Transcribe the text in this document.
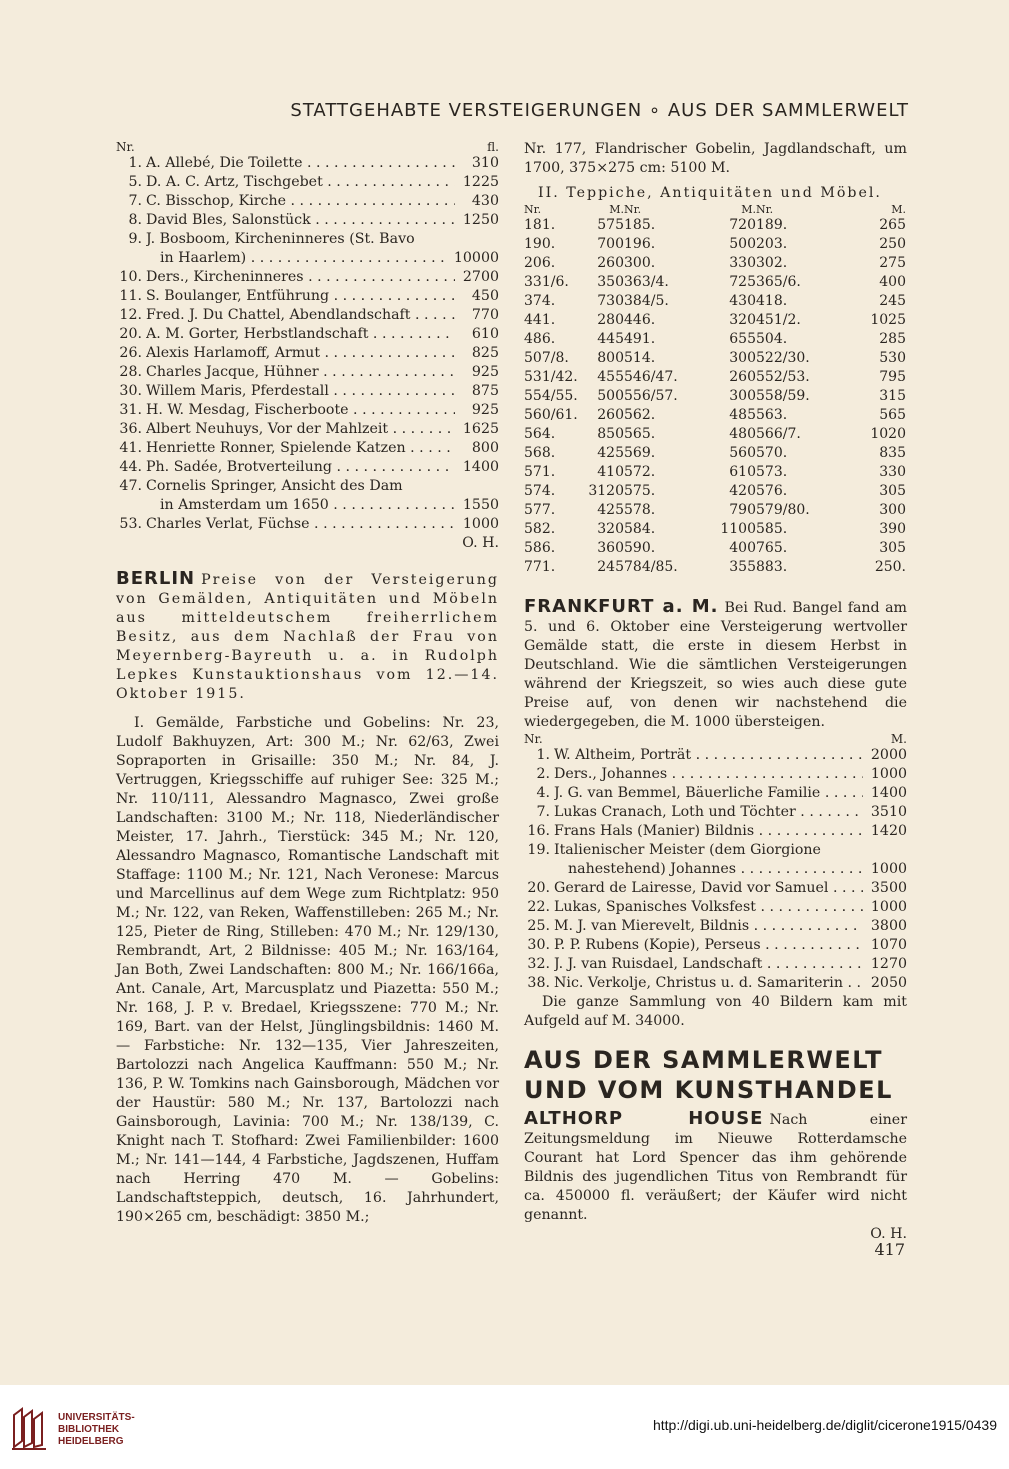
STATTGEHABTE VERSTEIGERUNGEN ∘ AUS DER SAMMLERWELT
Nr.	fl.
1. A. Allebé, Die Toilette . . .	310
5. D. A. C. Artz, Tischgebet . . .	1225
7. C. Bisschop, Kirche . . .	430
8. David Bles, Salonstück . . .	1250
9. J. Bosboom, Kircheninneres (St. Bavo
in Haarlem) . . .	10000
10. Ders., Kircheninneres . . .	2700
11. S. Boulanger, Entführung . . .	450
12. Fred. J. Du Chattel, Abendlandschaft . . .	770
20. A. M. Gorter, Herbstlandschaft . . .	610
26. Alexis Harlamoff, Armut . . .	825
28. Charles Jacque, Hühner . . .	925
30. Willem Maris, Pferdestall . . .	875
31. H. W. Mesdag, Fischerboote . . .	925
36. Albert Neuhuys, Vor der Mahlzeit . . .	1625
41. Henriette Ronner, Spielende Katzen . . .	800
44. Ph. Sadée, Brotverteilung . . .	1400
47. Cornelis Springer, Ansicht des Dam
in Amsterdam um 1650 . . .	1550
53. Charles Verlat, Füchse . . .	1000
O. H.

BERLIN Preise von der Versteigerung von Gemälden, Antiquitäten und Möbeln aus mitteldeutschem freiherrlichem Besitz, aus dem Nachlaß der Frau von Meyernberg-Bayreuth u. a. in Rudolph Lepkes Kunstauktionshaus vom 12.—14. Oktober 1915.

I. Gemälde, Farbstiche und Gobelins: Nr. 23, Ludolf Bakhuyzen, Art: 300 M.; Nr. 62/63, Zwei Sopraporten in Grisaille: 350 M.; Nr. 84, J. Vertruggen, Kriegsschiffe auf ruhiger See: 325 M.; Nr. 110/111, Alessandro Magnasco, Zwei große Landschaften: 3100 M.; Nr. 118, Niederländischer Meister, 17. Jahrh., Tierstück: 345 M.; Nr. 120, Alessandro Magnasco, Romantische Landschaft mit Staffage: 1100 M.; Nr. 121, Nach Veronese: Marcus und Marcellinus auf dem Wege zum Richtplatz: 950 M.; Nr. 122, van Reken, Waffenstilleben: 265 M.; Nr. 125, Pieter de Ring, Stilleben: 470 M.; Nr. 129/130, Rembrandt, Art, 2 Bildnisse: 405 M.; Nr. 163/164, Jan Both, Zwei Landschaften: 800 M.; Nr. 166/166a, Ant. Canale, Art, Marcusplatz und Piazetta: 550 M.; Nr. 168, J. P. v. Bredael, Kriegsszene: 770 M.; Nr. 169, Bart. van der Helst, Jünglingsbildnis: 1460 M. — Farbstiche: Nr. 132—135, Vier Jahreszeiten, Bartolozzi nach Angelica Kauffmann: 550 M.; Nr. 136, P. W. Tomkins nach Gainsborough, Mädchen vor der Haustür: 580 M.; Nr. 137, Bartolozzi nach Gainsborough, Lavinia: 700 M.; Nr. 138/139, C. Knight nach T. Stofhard: Zwei Familienbilder: 1600 M.; Nr. 141—144, 4 Farbstiche, Jagdszenen, Huffam nach Herring 470 M. — Gobelins: Landschaftsteppich, deutsch, 16. Jahrhundert, 190×265 cm, beschädigt: 3850 M.;

Nr. 177, Flandrischer Gobelin, Jagdlandschaft, um 1700, 375×275 cm: 5100 M.

II. Teppiche, Antiquitäten und Möbel.
Nr.	M. Nr.	M. Nr.	M.
181.	575 185.	720 189.	265
190.	700 196.	500 203.	250
206.	260 300.	330 302.	275
331/6.	350 363/4.	725 365/6.	400
374.	730 384/5.	430 418.	245
441.	280 446.	320 451/2.	1025
486.	445 491.	655 504.	285
507/8.	800 514.	300 522/30.	530
531/42.	455 546/47.	260 552/53.	795
554/55.	500 556/57.	300 558/59.	315
560/61.	260 562.	485 563.	565
564.	850 565.	480 566/7.	1020
568.	425 569.	560 570.	835
571.	410 572.	610 573.	330
574.	3120 575.	420 576.	305
577.	425 578.	790 579/80.	300
582.	320 584.	1100 585.	390
586.	360 590.	400 765.	305
771.	245 784/85.	355 883.	250.

FRANKFURT a. M. Bei Rud. Bangel fand am 5. und 6. Oktober eine Versteigerung wertvoller Gemälde statt, die erste in diesem Herbst in Deutschland. Wie die sämtlichen Versteigerungen während der Kriegszeit, so wies auch diese gute Preise auf, von denen wir nachstehend die wiedergegeben, die M. 1000 übersteigen.

Nr.	M.
1. W. Altheim, Porträt . . .	2000
2. Ders., Johannes . . .	1000
4. J. G. van Bemmel, Bäuerliche Familie . . .	1400
7. Lukas Cranach, Loth und Töchter . . .	3510
16. Frans Hals (Manier) Bildnis . . .	1420
19. Italienischer Meister (dem Giorgione
nahestehend) Johannes . . .	1000
20. Gerard de Lairesse, David vor Samuel . . .	3500
22. Lukas, Spanisches Volksfest . . .	1000
25. M. J. van Mierevelt, Bildnis . . .	3800
30. P. P. Rubens (Kopie), Perseus . . .	1070
32. J. J. van Ruisdael, Landschaft . . .	1270
38. Nic. Verkolje, Christus u. d. Samariterin . . .	2050

Die ganze Sammlung von 40 Bildern kam mit Aufgeld auf M. 34000.

AUS DER SAMMLERWELT
UND VOM KUNSTHANDEL

ALTHORP HOUSE Nach einer Zeitungsmeldung im Nieuwe Rotterdamsche Courant hat Lord Spencer das ihm gehörende Bildnis des jugendlichen Titus von Rembrandt für ca. 450000 fl. veräußert; der Käufer wird nicht genannt.

O. H.
417
UNIVERSITÄTS-
BIBLIOTHEK
HEIDELBERG
http://digi.ub.uni-heidelberg.de/diglit/cicerone1915/0439
